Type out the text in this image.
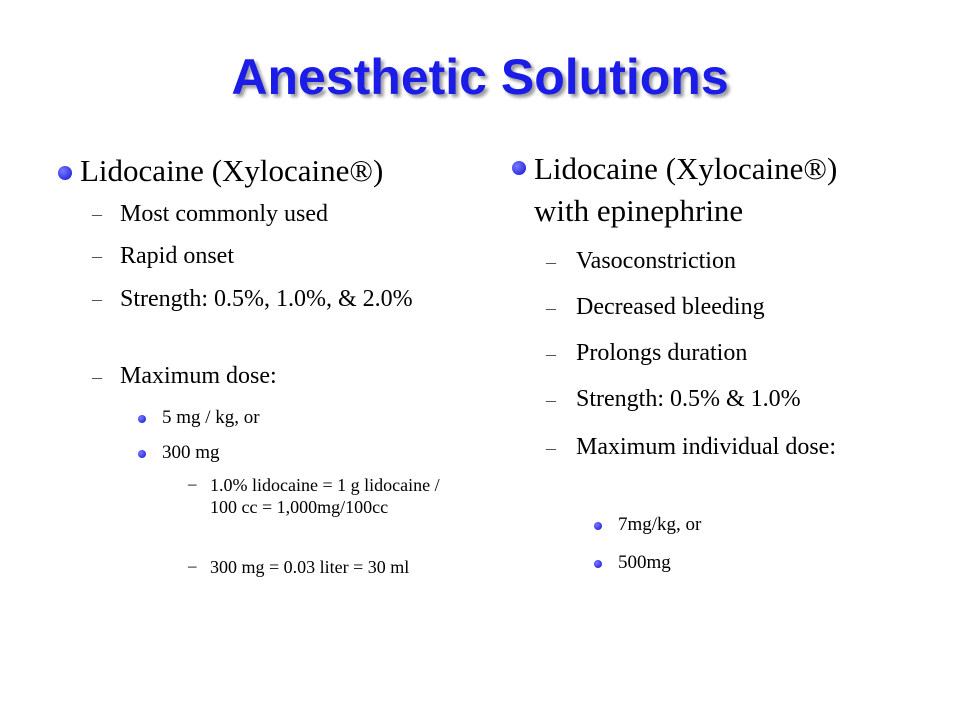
Anesthetic Solutions
Lidocaine (Xylocaine®)
– Most commonly used
– Rapid onset
– Strength: 0.5%, 1.0%, & 2.0%
– Maximum dose:
5 mg / kg, or
300 mg
– 1.0% lidocaine = 1 g lidocaine / 100 cc = 1,000mg/100cc
– 300 mg = 0.03 liter = 30 ml
Lidocaine (Xylocaine®) with epinephrine
– Vasoconstriction
– Decreased bleeding
– Prolongs duration
– Strength: 0.5% & 1.0%
– Maximum individual dose:
7mg/kg, or
500mg
